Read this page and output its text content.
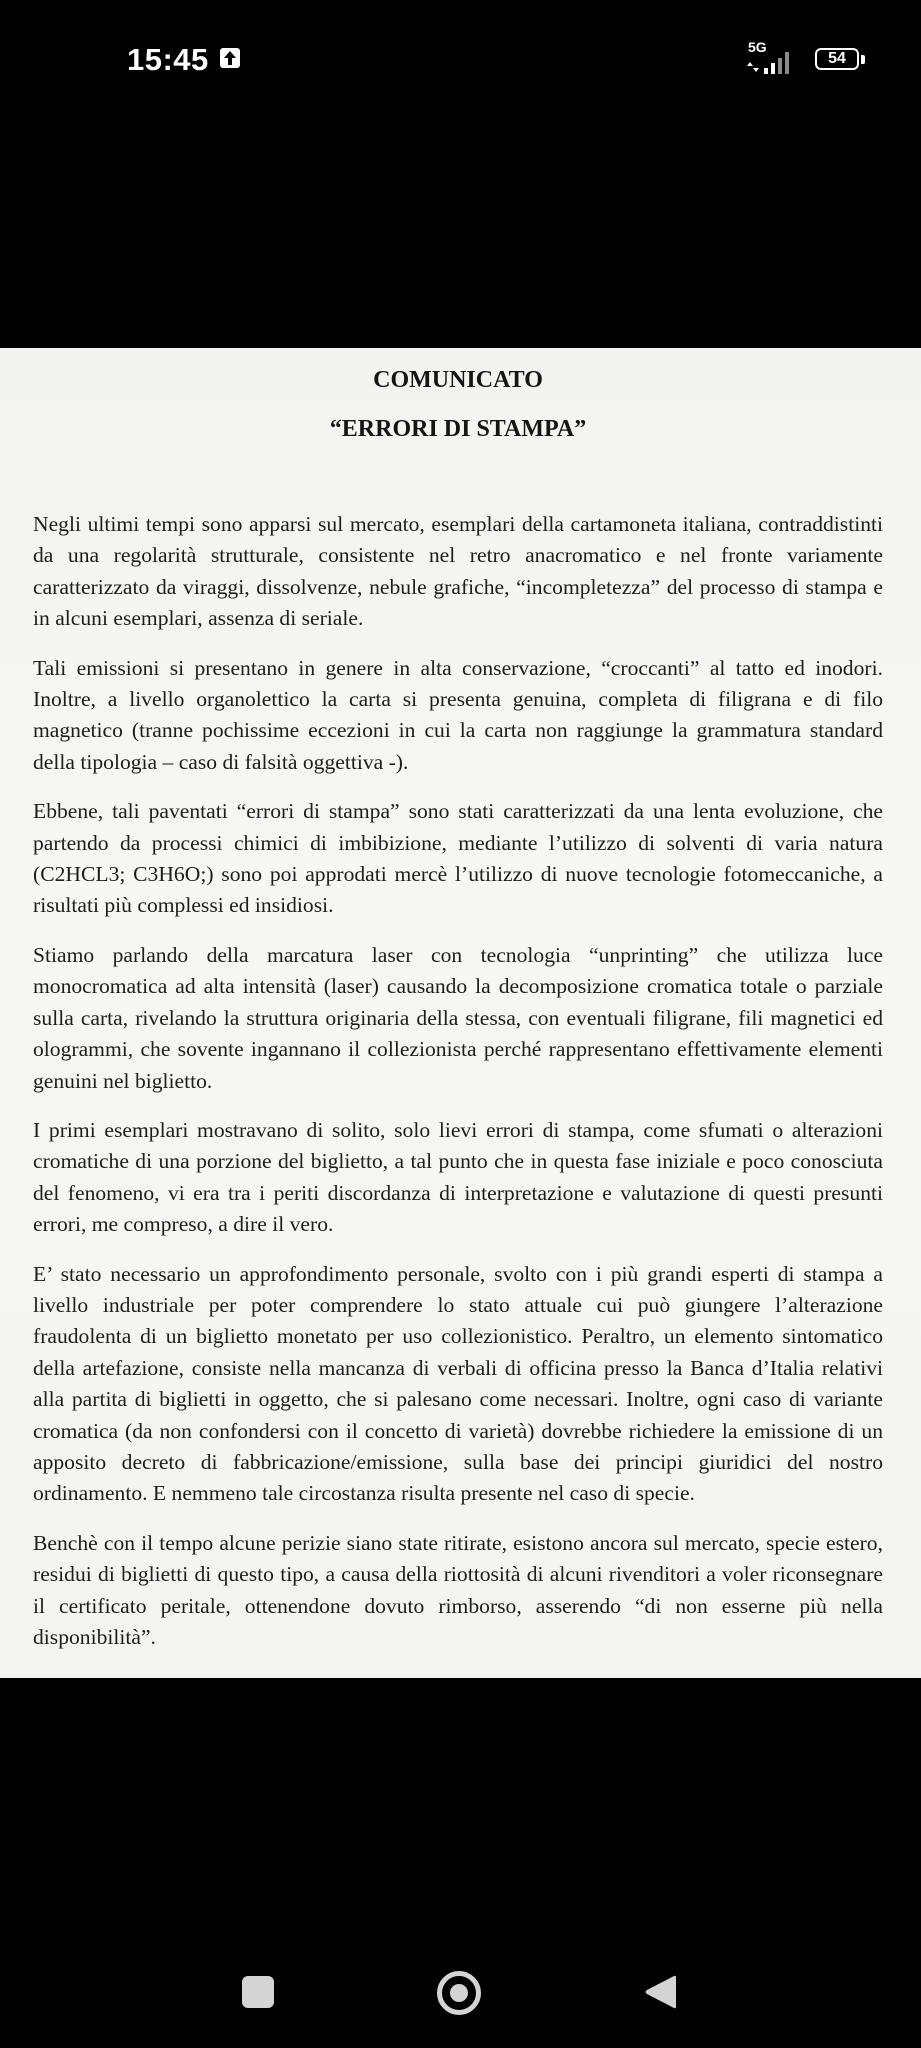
15:45	5G
54
COMUNICATO
“ERRORI DI STAMPA”

Negli ultimi tempi sono apparsi sul mercato, esemplari della cartamoneta italiana, contraddistinti da una regolarità strutturale, consistente nel retro anacromatico e nel fronte variamente caratterizzato da viraggi, dissolvenze, nebule grafiche, “incompletezza” del processo di stampa e in alcuni esemplari, assenza di seriale.

Tali emissioni si presentano in genere in alta conservazione, “croccanti” al tatto ed inodori. Inoltre, a livello organolettico la carta si presenta genuina, completa di filigrana e di filo magnetico (tranne pochissime eccezioni in cui la carta non raggiunge la grammatura standard della tipologia – caso di falsità oggettiva -).

Ebbene, tali paventati “errori di stampa” sono stati caratterizzati da una lenta evoluzione, che partendo da processi chimici di imbibizione, mediante l’utilizzo di solventi di varia natura (C2HCL3; C3H6O;) sono poi approdati mercè l’utilizzo di nuove tecnologie fotomeccaniche, a risultati più complessi ed insidiosi.

Stiamo parlando della marcatura laser con tecnologia “unprinting” che utilizza luce monocromatica ad alta intensità (laser) causando la decomposizione cromatica totale o parziale sulla carta, rivelando la struttura originaria della stessa, con eventuali filigrane, fili magnetici ed ologrammi, che sovente ingannano il collezionista perché rappresentano effettivamente elementi genuini nel biglietto.

I primi esemplari mostravano di solito, solo lievi errori di stampa, come sfumati o alterazioni cromatiche di una porzione del biglietto, a tal punto che in questa fase iniziale e poco conosciuta del fenomeno, vi era tra i periti discordanza di interpretazione e valutazione di questi presunti errori, me compreso, a dire il vero.

E’ stato necessario un approfondimento personale, svolto con i più grandi esperti di stampa a livello industriale per poter comprendere lo stato attuale cui può giungere l’alterazione fraudolenta di un biglietto monetato per uso collezionistico. Peraltro, un elemento sintomatico della artefazione, consiste nella mancanza di verbali di officina presso la Banca d’Italia relativi alla partita di biglietti in oggetto, che si palesano come necessari. Inoltre, ogni caso di variante cromatica (da non confondersi con il concetto di varietà) dovrebbe richiedere la emissione di un apposito decreto di fabbricazione/emissione, sulla base dei principi giuridici del nostro ordinamento. E nemmeno tale circostanza risulta presente nel caso di specie.

Benchè con il tempo alcune perizie siano state ritirate, esistono ancora sul mercato, specie estero, residui di biglietti di questo tipo, a causa della riottosità di alcuni rivenditori a voler riconsegnare il certificato peritale, ottenendone dovuto rimborso, asserendo “di non esserne più nella disponibilità”.
